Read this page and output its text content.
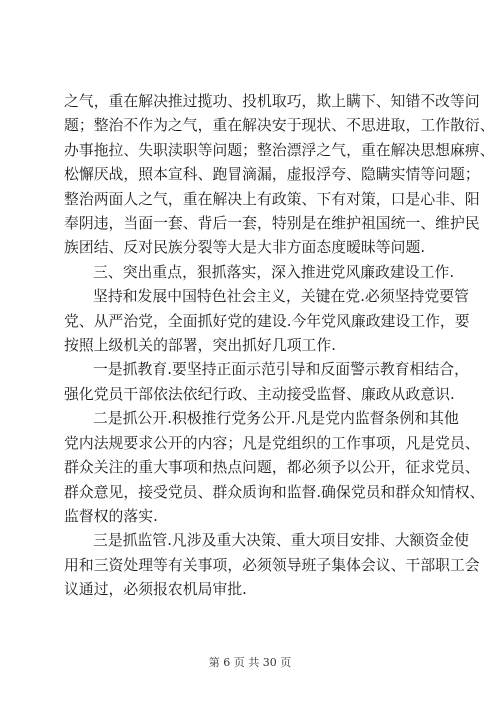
之气，重在解决推过揽功、投机取巧，欺上瞒下、知错不改等问
题；整治不作为之气，重在解决安于现状、不思进取，工作散衍、
办事拖拉、失职渎职等问题；整治漂浮之气，重在解决思想麻痹、
松懈厌战，照本宣科、跑冒滴漏，虚报浮夸、隐瞒实情等问题；
整治两面人之气，重在解决上有政策、下有对策，口是心非、阳
奉阴违，当面一套、背后一套，特别是在维护祖国统一、维护民
族团结、反对民族分裂等大是大非方面态度暧昧等问题.

三、突出重点，狠抓落实，深入推进党风廉政建设工作.

坚持和发展中国特色社会主义，关键在党.必须坚持党要管
党、从严治党，全面抓好党的建设.今年党风廉政建设工作，要
按照上级机关的部署，突出抓好几项工作.

一是抓教育.要坚持正面示范引导和反面警示教育相结合，
强化党员干部依法依纪行政、主动接受监督、廉政从政意识.

二是抓公开.积极推行党务公开.凡是党内监督条例和其他
党内法规要求公开的内容；凡是党组织的工作事项，凡是党员、
群众关注的重大事项和热点问题，都必须予以公开，征求党员、
群众意见，接受党员、群众质询和监督.确保党员和群众知情权、
监督权的落实.

三是抓监管.凡涉及重大决策、重大项目安排、大额资金使
用和三资处理等有关事项，必须领导班子集体会议、干部职工会
议通过，必须报农机局审批.

第 6 页 共 30 页
